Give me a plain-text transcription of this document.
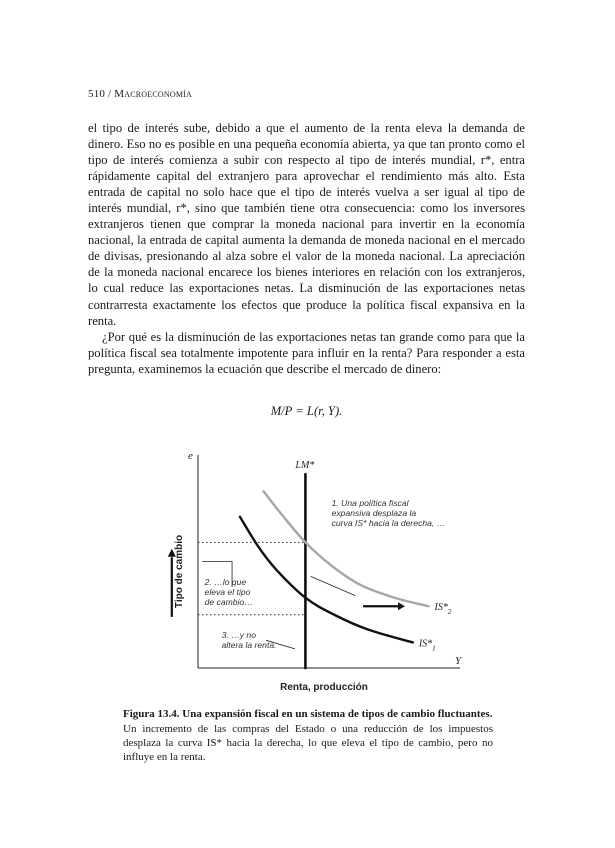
510 / Macroeconomía

el tipo de interés sube, debido a que el aumento de la renta eleva la demanda de dinero. Eso no es posible en una pequeña economía abierta, ya que tan pronto como el tipo de interés comienza a subir con respecto al tipo de interés mundial, r*, entra rápidamente capital del extranjero para aprovechar el rendimiento más alto. Esta entrada de capital no solo hace que el tipo de interés vuelva a ser igual al tipo de interés mundial, r*, sino que también tiene otra consecuencia: como los inversores extranjeros tienen que comprar la moneda nacional para invertir en la economía nacional, la entrada de capital aumenta la demanda de moneda nacional en el mercado de divisas, presionando al alza sobre el valor de la moneda nacional. La apreciación de la moneda nacional encarece los bienes interiores en relación con los extranjeros, lo cual reduce las exportaciones netas. La disminución de las exportaciones netas contrarresta exactamente los efectos que produce la política fiscal expansiva en la renta.

¿Por qué es la disminución de las exportaciones netas tan grande como para que la política fiscal sea totalmente impotente para influir en la renta? Para responder a esta pregunta, examinemos la ecuación que describe el mercado de dinero:

M/P = L(r, Y).
e
Y
Renta, producción
Tipo de cambio
LM*
$IS*_1$
$IS*_2$
1. Una política fiscal
expansiva desplaza la
curva IS* hacia la derecha, …
2. …lo que
eleva el tipo
de cambio…
3. …y no
altera la renta.
Figura 13.4. Una expansión fiscal en un sistema de tipos de cambio fluctuantes.
Un incremento de las compras del Estado o una reducción de los impuestos desplaza la curva IS* hacia la derecha, lo que eleva el tipo de cambio, pero no influye en la renta.
